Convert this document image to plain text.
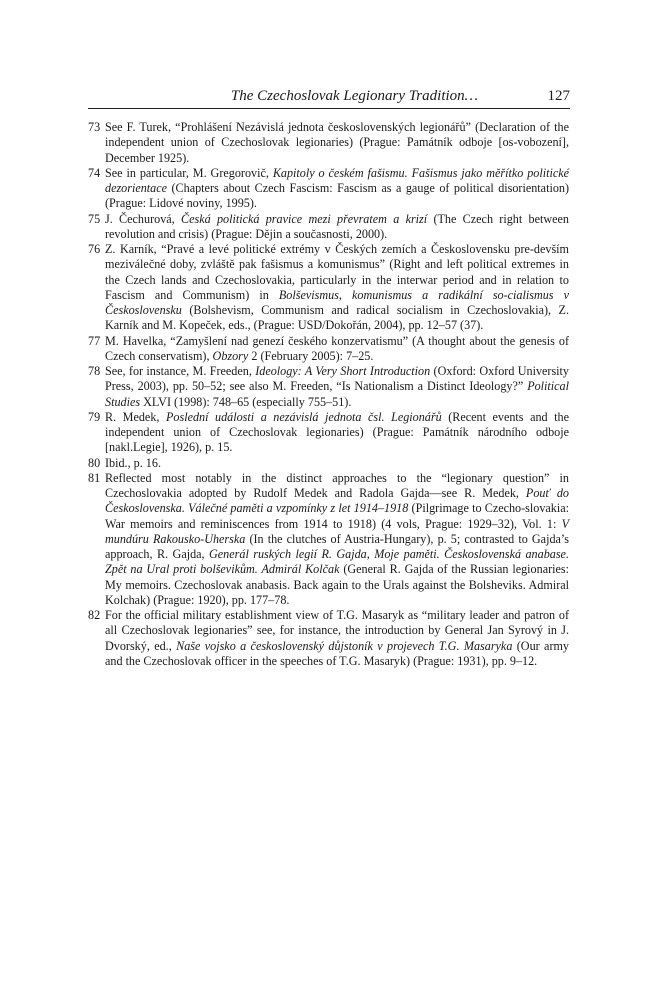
The Czechoslovak Legionary Tradition…	127

73 See F. Turek, “Prohlášení Nezávislá jednota československých legionářů” (Declaration of the independent union of Czechoslovak legionaries) (Prague: Památník odboje [os-vobození], December 1925).

74 See in particular, M. Gregorovič, Kapitoly o českém fašismu. Fašismus jako měřítko politické dezorientace (Chapters about Czech Fascism: Fascism as a gauge of political disorientation) (Prague: Lidové noviny, 1995).

75 J. Čechurová, Česká politická pravice mezi převratem a krizí (The Czech right between revolution and crisis) (Prague: Dějin a současnosti, 2000).

76 Z. Karník, “Pravé a levé politické extrémy v Českých zemích a Československu pre-devším meziválečné doby, zvláště pak fašismus a komunismus” (Right and left political extremes in the Czech lands and Czechoslovakia, particularly in the interwar period and in relation to Fascism and Communism) in Bolševismus, komunismus a radikální so-cialismus v Československu (Bolshevism, Communism and radical socialism in Czechoslovakia), Z. Karník and M. Kopeček, eds., (Prague: USD/Dokořán, 2004), pp. 12–57 (37).

77 M. Havelka, “Zamyšlení nad genezí českého konzervatismu” (A thought about the genesis of Czech conservatism), Obzory 2 (February 2005): 7–25.

78 See, for instance, M. Freeden, Ideology: A Very Short Introduction (Oxford: Oxford University Press, 2003), pp. 50–52; see also M. Freeden, “Is Nationalism a Distinct Ideology?” Political Studies XLVI (1998): 748–65 (especially 755–51).

79 R. Medek, Poslední události a nezávislá jednota čsl. Legionářů (Recent events and the independent union of Czechoslovak legionaries) (Prague: Památník národního odboje [nakl.Legie], 1926), p. 15.

80 Ibid., p. 16.

81 Reflected most notably in the distinct approaches to the “legionary question” in Czechoslovakia adopted by Rudolf Medek and Radola Gajda—see R. Medek, Pouť do Československa. Válečné paměti a vzpomínky z let 1914–1918 (Pilgrimage to Czecho-slovakia: War memoirs and reminiscences from 1914 to 1918) (4 vols, Prague: 1929–32), Vol. 1: V mundúru Rakousko-Uherska (In the clutches of Austria-Hungary), p. 5; contrasted to Gajda’s approach, R. Gajda, Generál ruských legií R. Gajda, Moje paměti. Československá anabase. Zpět na Ural proti bolševikům. Admirál Kolčak (General R. Gajda of the Russian legionaries: My memoirs. Czechoslovak anabasis. Back again to the Urals against the Bolsheviks. Admiral Kolchak) (Prague: 1920), pp. 177–78.

82 For the official military establishment view of T.G. Masaryk as “military leader and patron of all Czechoslovak legionaries” see, for instance, the introduction by General Jan Syrový in J. Dvorský, ed., Naše vojsko a československý důjstoník v projevech T.G. Masaryka (Our army and the Czechoslovak officer in the speeches of T.G. Masaryk) (Prague: 1931), pp. 9–12.
